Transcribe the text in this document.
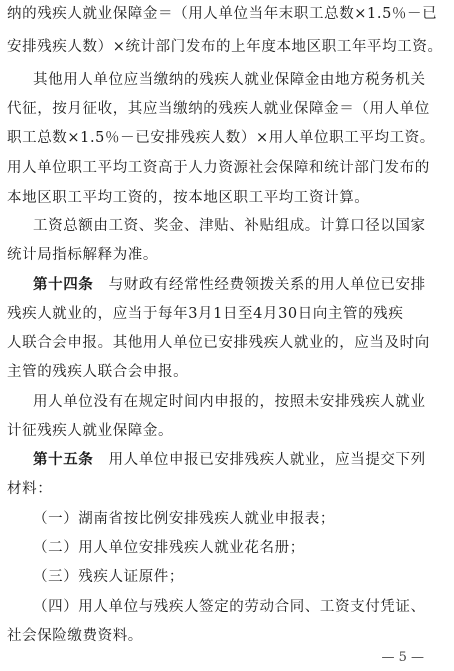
纳的残疾人就业保障金＝（用人单位当年末职工总数×1.5％－已
安排残疾人数）×统计部门发布的上年度本地区职工年平均工资。
其他用人单位应当缴纳的残疾人就业保障金由地方税务机关
代征，按月征收，其应当缴纳的残疾人就业保障金＝（用人单位
职工总数×1.5％－已安排残疾人数）×用人单位职工平均工资。
用人单位职工平均工资高于人力资源社会保障和统计部门发布的
本地区职工平均工资的，按本地区职工平均工资计算。
工资总额由工资、奖金、津贴、补贴组成。计算口径以国家
统计局指标解释为准。
第十四条 与财政有经常性经费领拨关系的用人单位已安排
残疾人就业的，应当于每年3月1日至4月30日向主管的残疾
人联合会申报。其他用人单位已安排残疾人就业的，应当及时向
主管的残疾人联合会申报。
用人单位没有在规定时间内申报的，按照未安排残疾人就业
计征残疾人就业保障金。
第十五条 用人单位申报已安排残疾人就业，应当提交下列
材料：
（一）湖南省按比例安排残疾人就业申报表；
（二）用人单位安排残疾人就业花名册；
（三）残疾人证原件；
（四）用人单位与残疾人签定的劳动合同、工资支付凭证、
社会保险缴费资料。
— 5 —
